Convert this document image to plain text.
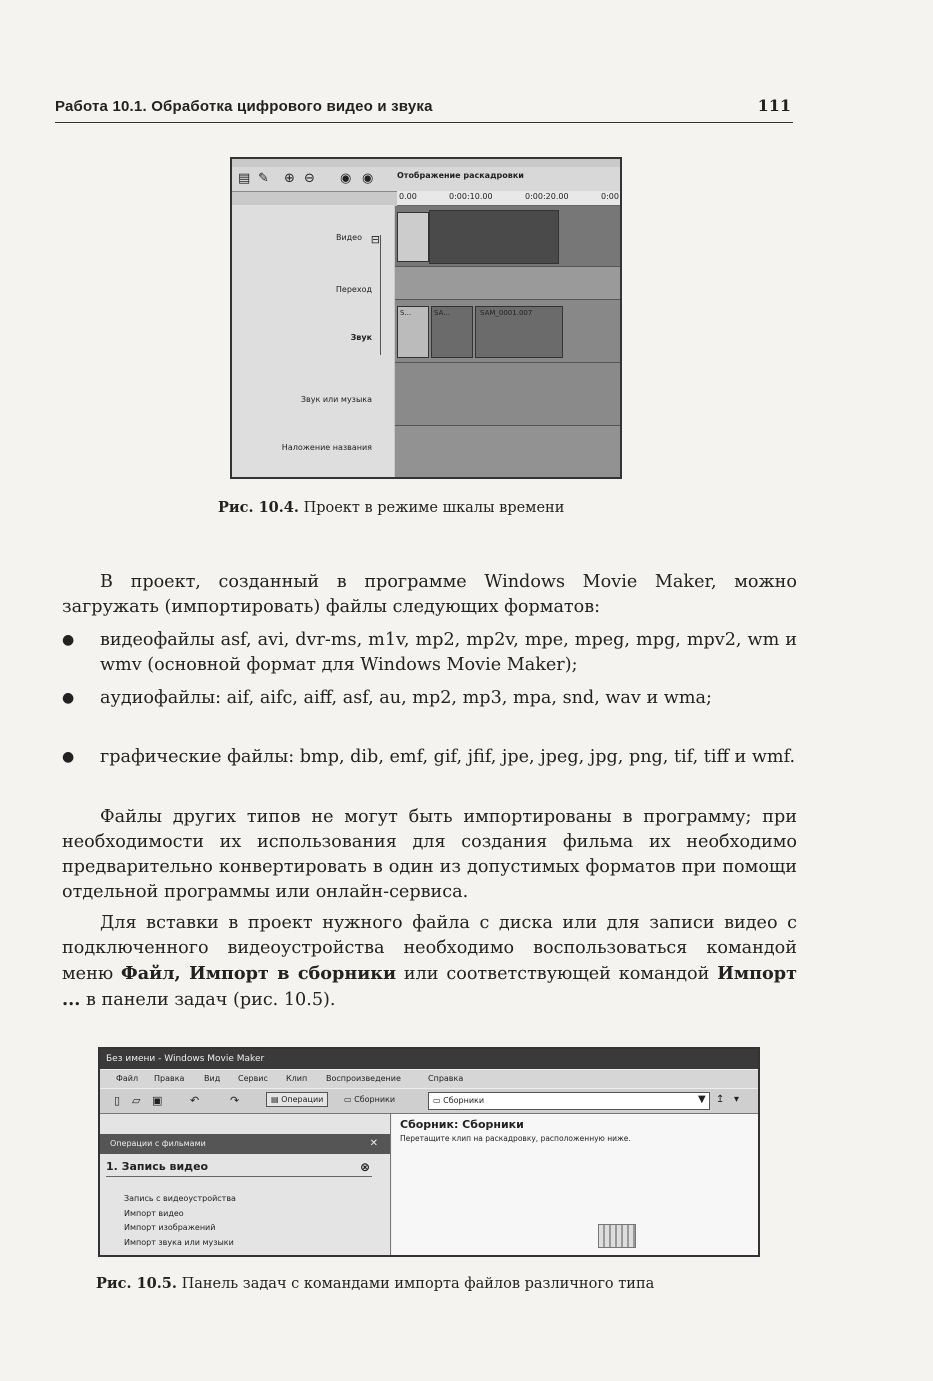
Работа 10.1. Обработка цифрового видео и звука	111
▤ ✎ ⊕ ⊖ ◉ ◉	Отображение раскадровки
0.00	0:00:10.00	0:00:20.00	0:00
Видео ⊟
Переход
Звук
Звук или музыка
Наложение названия
S...	SA...	SAM_0001.007
Рис. 10.4. Проект в режиме шкалы времени
В проект, созданный в программе Windows Movie Maker, можно загружать (импортировать) файлы следующих форматов:
● видеофайлы asf, avi, dvr-ms, m1v, mp2, mp2v, mpe, mpeg, mpg, mpv2, wm и wmv (основной формат для Windows Movie Maker);
● аудиофайлы: aif, aifc, aiff, asf, au, mp2, mp3, mpa, snd, wav и wma;
● графические файлы: bmp, dib, emf, gif, jfif, jpe, jpeg, jpg, png, tif, tiff и wmf.
Файлы других типов не могут быть импортированы в программу; при необходимости их использования для создания фильма их необходимо предварительно конвертировать в один из допустимых форматов при помощи отдельной программы или онлайн-сервиса.
Для вставки в проект нужного файла с диска или для записи видео с подключенного видеоустройства необходимо воспользоваться командой меню Файл, Импорт в сборники или соответствующей командой Импорт ... в панели задач (рис. 10.5).
Без имени - Windows Movie Maker
Файл Правка Вид Сервис Клип Воспроизведение	Справка
▯ ▱ ▣	↶	↷	▤ Операции	▭ Сборники	▭ Сборники	▼ ↥ ▾
Операции с фильмами	✕
1. Запись видео	⊗
Запись с видеоустройства
Импорт видео
Импорт изображений
Импорт звука или музыки
Сборник: Сборники
Перетащите клип на раскадровку, расположенную ниже.
Рис. 10.5. Панель задач с командами импорта файлов различного типа
